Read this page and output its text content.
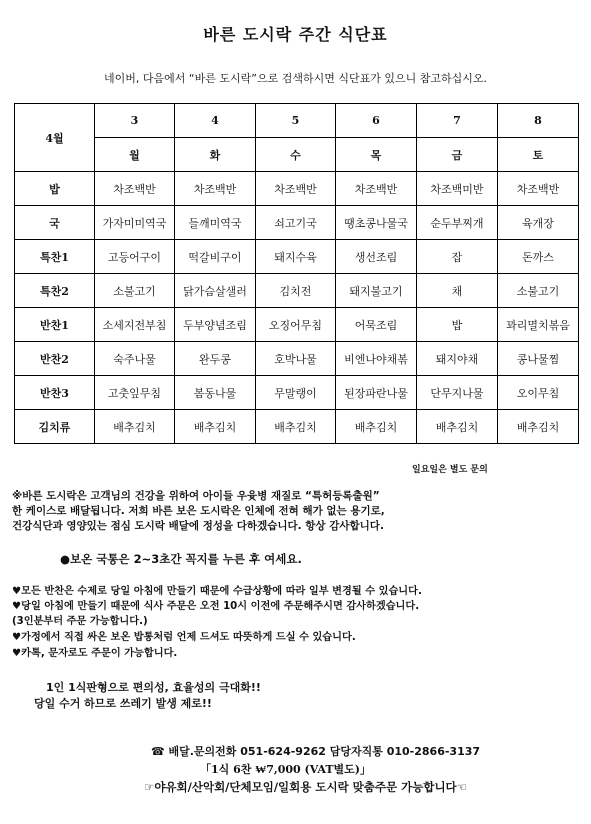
바른 도시락 주간 식단표
네이버, 다음에서 “바른 도시락”으로 검색하시면 식단표가 있으니 참고하십시오.
4월	3	4	5	6	7	8
	월	화	수	목	금	토
밥	차조백반	차조백반	차조백반	차조백반	차조백미반	차조백반
국	가자미미역국	들깨미역국	쇠고기국	땡초콩나물국	순두부찌개	육개장
특찬1	고등어구이	떡갈비구이	돼지수육	생선조림	잡	돈까스
특찬2	소불고기	닭가슴살샐러	김치전	돼지불고기	채	소불고기
반찬1	소세지전부침	두부양념조림	오징어무침	어묵조림	밥	꽈리멸치볶음
반찬2	숙주나물	완두콩	호박나물	비엔나야채볶	돼지야채	콩나물찜
반찬3	고춧잎무침	봄동나물	무말랭이	된장파란나물	단무지나물	오이무침
김치류	배추김치	배추김치	배추김치	배추김치	배추김치	배추김치
일요일은 별도 문의
※바른 도시락은 고객님의 건강을 위하여 아이들 우윳병 재질로 “특허등록출원”
한 케이스로 배달됩니다. 저희 바른 보은 도시락은 인체에 전혀 해가 없는 용기로,
건강식단과 영양있는 점심 도시락 배달에 정성을 다하겠습니다. 항상 감사합니다.
●보온 국통은 2~3초간 꼭지를 누른 후 여세요.
♥모든 반찬은 수제로 당일 아침에 만들기 때문에 수급상황에 따라 일부 변경될 수 있습니다.
♥당일 아침에 만들기 때문에 식사 주문은 오전 10시 이전에 주문해주시면 감사하겠습니다.
(3인분부터 주문 가능합니다.)
♥가정에서 직접 싸온 보온 밥통처럼 언제 드셔도 따뜻하게 드실 수 있습니다.
♥카톡, 문자로도 주문이 가능합니다.
1인 1식판형으로 편의성, 효율성의 극대화!!
당일 수거 하므로 쓰레기 발생 제로!!
☎ 배달.문의전화 051-624-9262 담당자직통 010-2866-3137
「1식 6찬 ₩7,000 (VAT별도)」
☞야유회/산악회/단체모임/일회용 도시락 맞춤주문 가능합니다☜
